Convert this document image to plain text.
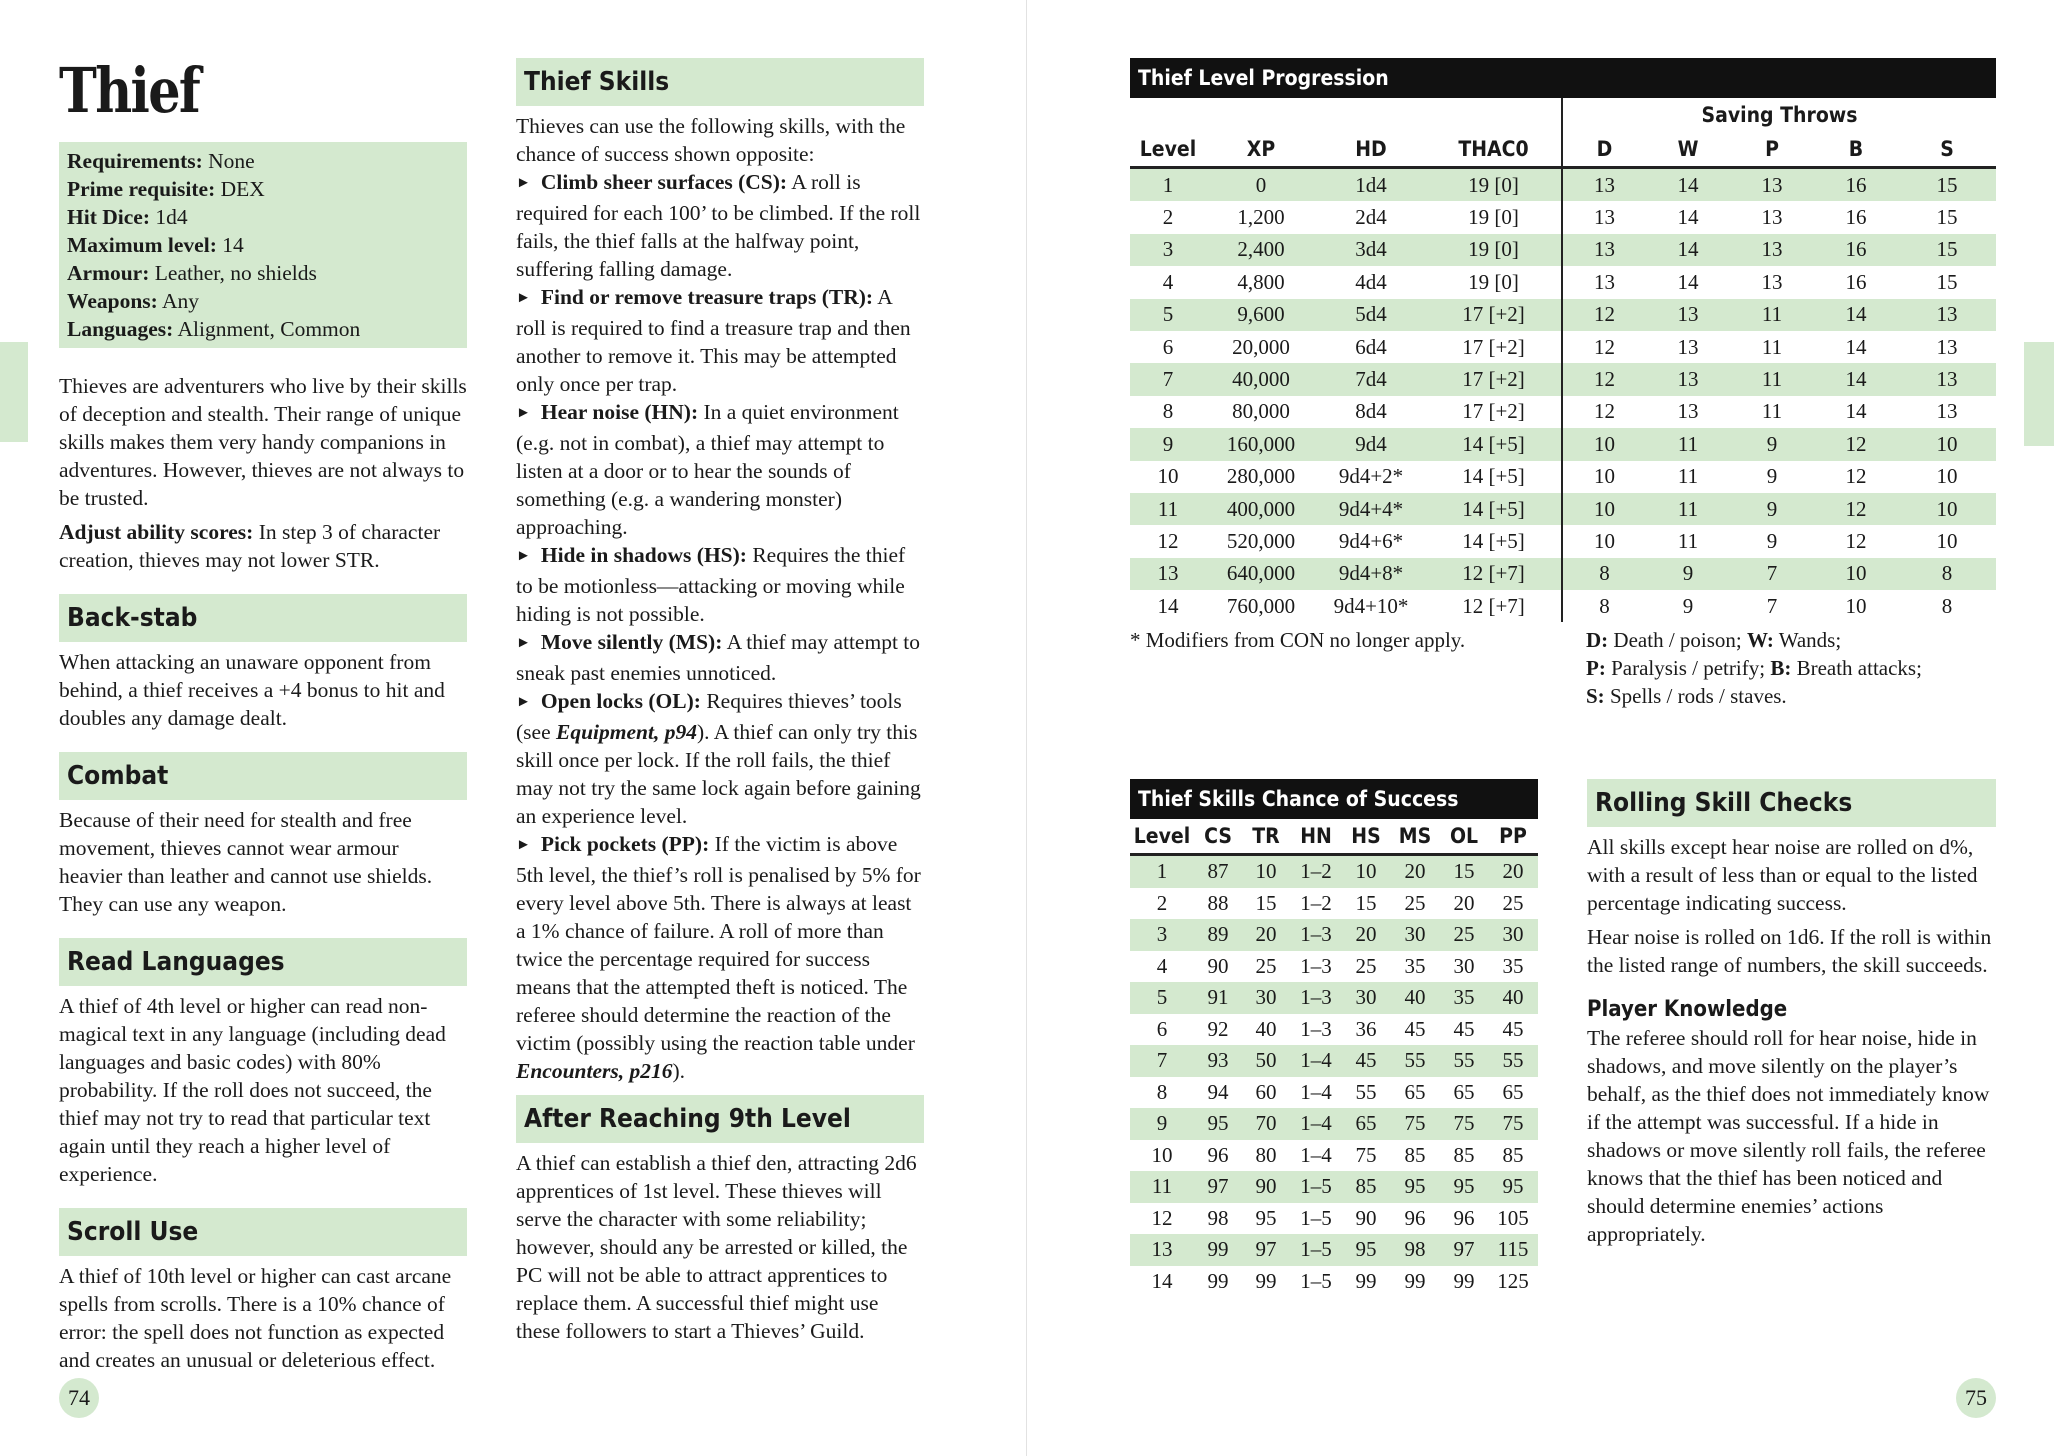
Thief

Requirements: None

Prime requisite: DEX

Hit Dice: 1d4

Maximum level: 14

Armour: Leather, no shields

Weapons: Any

Languages: Alignment, Common

Thieves are adventurers who live by their skills of deception and stealth. Their range of unique skills makes them very handy companions in adventures. However, thieves are not always to be trusted.

Adjust ability scores: In step 3 of character creation, thieves may not lower STR.

Back-stab

When attacking an unaware opponent from behind, a thief receives a +4 bonus to hit and doubles any damage dealt.

Combat

Because of their need for stealth and free movement, thieves cannot wear armour heavier than leather and cannot use shields. They can use any weapon.

Read Languages

A thief of 4th level or higher can read non-magical text in any language (including dead languages and basic codes) with 80% probability. If the roll does not succeed, the thief may not try to read that particular text again until they reach a higher level of experience.

Scroll Use

A thief of 10th level or higher can cast arcane spells from scrolls. There is a 10% chance of error: the spell does not function as expected and creates an unusual or deleterious effect.

74
Thief Skills

Thieves can use the following skills, with the chance of success shown opposite:

► Climb sheer surfaces (CS): A roll is required for each 100’ to be climbed. If the roll fails, the thief falls at the halfway point, suffering falling damage.

► Find or remove treasure traps (TR): A roll is required to find a treasure trap and then another to remove it. This may be attempted only once per trap.

► Hear noise (HN): In a quiet environment (e.g. not in combat), a thief may attempt to listen at a door or to hear the sounds of something (e.g. a wandering monster) approaching.

► Hide in shadows (HS): Requires the thief to be motionless—attacking or moving while hiding is not possible.

► Move silently (MS): A thief may attempt to sneak past enemies unnoticed.

► Open locks (OL): Requires thieves’ tools (see Equipment, p94). A thief can only try this skill once per lock. If the roll fails, the thief may not try the same lock again before gaining an experience level.

► Pick pockets (PP): If the victim is above 5th level, the thief’s roll is penalised by 5% for every level above 5th. There is always at least a 1% chance of failure. A roll of more than twice the percentage required for success means that the attempted theft is noticed. The referee should determine the reaction of the victim (possibly using the reaction table under Encounters, p216).

After Reaching 9th Level

A thief can establish a thief den, attracting 2d6 apprentices of 1st level. These thieves will serve the character with some reliability; however, should any be arrested or killed, the PC will not be able to attract apprentices to replace them. A successful thief might use these followers to start a Thieves’ Guild.

Thief Level Progression
				Saving Throws				
Level	XP	HD	THAC0	D	W	P	B	S
1	0	1d4	19 [0]	13	14	13	16	15
2	1,200	2d4	19 [0]	13	14	13	16	15
3	2,400	3d4	19 [0]	13	14	13	16	15
4	4,800	4d4	19 [0]	13	14	13	16	15
5	9,600	5d4	17 [+2]	12	13	11	14	13
6	20,000	6d4	17 [+2]	12	13	11	14	13
7	40,000	7d4	17 [+2]	12	13	11	14	13
8	80,000	8d4	17 [+2]	12	13	11	14	13
9	160,000	9d4	14 [+5]	10	11	9	12	10
10	280,000	9d4+2*	14 [+5]	10	11	9	12	10
11	400,000	9d4+4*	14 [+5]	10	11	9	12	10
12	520,000	9d4+6*	14 [+5]	10	11	9	12	10
13	640,000	9d4+8*	12 [+7]	8	9	7	10	8
14	760,000	9d4+10*	12 [+7]	8	9	7	10	8

* Modifiers from CON no longer apply.	D: Death / poison; W: Wands;

P: Paralysis / petrify; B: Breath attacks;

S: Spells / rods / staves.

Thief Skills Chance of Success
Level	CS	TR	HN	HS	MS	OL	PP
1	87	10	1–2	10	20	15	20
2	88	15	1–2	15	25	20	25
3	89	20	1–3	20	30	25	30
4	90	25	1–3	25	35	30	35
5	91	30	1–3	30	40	35	40
6	92	40	1–3	36	45	45	45
7	93	50	1–4	45	55	55	55
8	94	60	1–4	55	65	65	65
9	95	70	1–4	65	75	75	75
10	96	80	1–4	75	85	85	85
11	97	90	1–5	85	95	95	95
12	98	95	1–5	90	96	96	105
13	99	97	1–5	95	98	97	115
14	99	99	1–5	99	99	99	125
Rolling Skill Checks

All skills except hear noise are rolled on d%, with a result of less than or equal to the listed percentage indicating success.

Hear noise is rolled on 1d6. If the roll is within the listed range of numbers, the skill succeeds.

Player Knowledge

The referee should roll for hear noise, hide in shadows, and move silently on the player’s behalf, as the thief does not immediately know if the attempt was successful. If a hide in shadows or move silently roll fails, the referee knows that the thief has been noticed and should determine enemies’ actions appropriately.

75
